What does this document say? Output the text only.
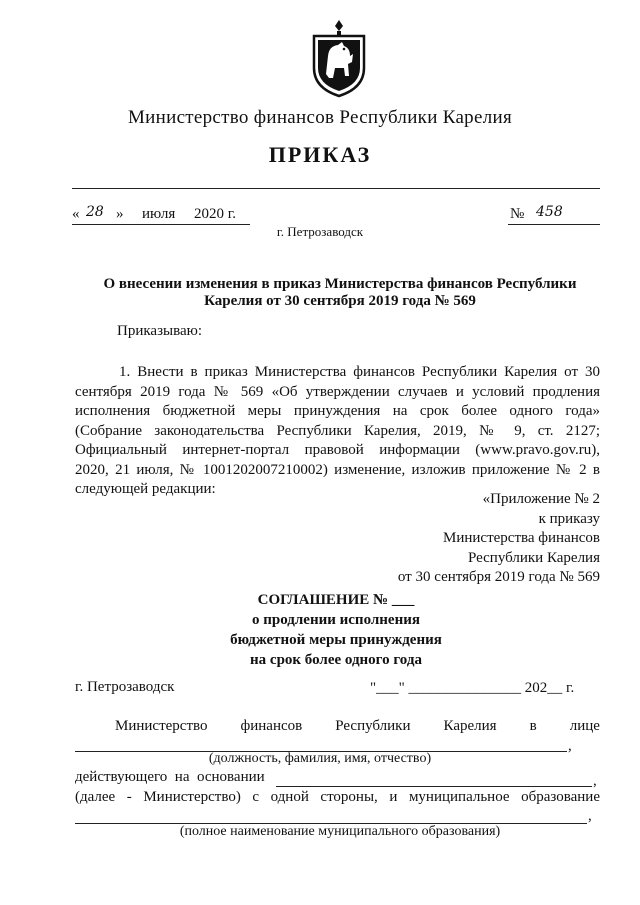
Министерство финансов Республики Карелия
ПРИКАЗ
« 28 » июля 2020 г.	№ 458
г. Петрозаводск
О внесении изменения в приказ Министерства финансов Республики
Карелия от 30 сентября 2019 года № 569
Приказываю:
1. Внести в приказ Министерства финансов Республики Карелия от 30
сентября 2019 года № 569 «Об утверждении случаев и условий продления
исполнения бюджетной меры принуждения на срок более одного года»
(Собрание законодательства Республики Карелия, 2019, № 9, ст. 2127;
Официальный интернет-портал правовой информации (www.pravo.gov.ru),
2020, 21 июля, № 1001202007210002) изменение, изложив приложение № 2 в
следующей редакции:
«Приложение № 2
к приказу
Министерства финансов
Республики Карелия
от 30 сентября 2019 года № 569
СОГЛАШЕНИЕ № ___
о продлении исполнения
бюджетной меры принуждения
на срок более одного года
г. Петрозаводск	"___" _______________ 202__ г.
Министерство финансов Республики Карелия в лице
,
(должность, фамилия, имя, отчество)
действующего  на  основании	,
(далее - Министерство) с одной стороны, и муниципальное образование
,
(полное наименование муниципального образования)
